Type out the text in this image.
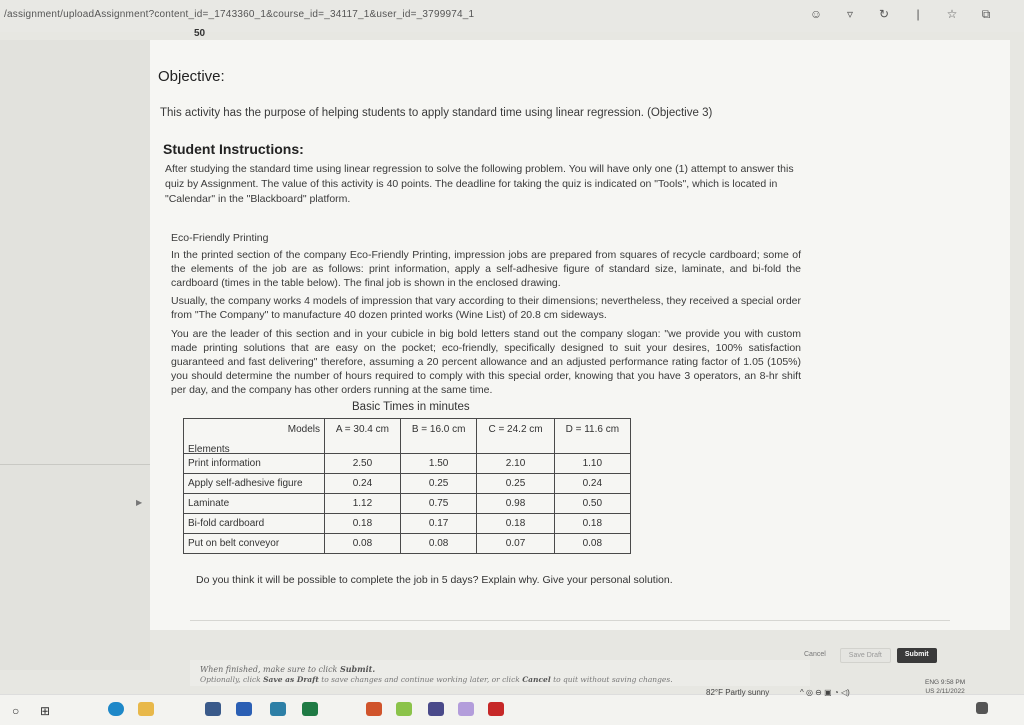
/assignment/uploadAssignment?content_id=_1743360_1&course_id=_34117_1&user_id=_3799974_1	☺	▿	↻	|	☆	⧉
50
▶
Objective:
This activity has the purpose of helping students to apply standard time using linear regression. (Objective 3)
Student Instructions:
After studying the standard time using linear regression to solve the following problem. You will have only one (1) attempt to answer this quiz by Assignment. The value of this activity is 40 points. The deadline for taking the quiz is indicated on "Tools", which is located in "Calendar" in the "Blackboard" platform.
Eco-Friendly Printing
In the printed section of the company Eco-Friendly Printing, impression jobs are prepared from squares of recycle cardboard; some of the elements of the job are as follows: print information, apply a self-adhesive figure of standard size, laminate, and bi-fold the cardboard (times in the table below). The final job is shown in the enclosed drawing.
Usually, the company works 4 models of impression that vary according to their dimensions; nevertheless, they received a special order from "The Company" to manufacture 40 dozen printed works (Wine List) of 20.8 cm sideways.
You are the leader of this section and in your cubicle in big bold letters stand out the company slogan: "we provide you with custom made printing solutions that are easy on the pocket; eco-friendly, specifically designed to suit your desires, 100% satisfaction guaranteed and fast delivering" therefore, assuming a 20 percent allowance and an adjusted performance rating factor of 1.05 (105%) you should determine the number of hours required to comply with this special order, knowing that you have 3 operators, an 8-hr shift per day, and the company has other orders running at the same time.
Basic Times in minutes
Models
Elements	A = 30.4 cm	B = 16.0 cm	C = 24.2 cm	D = 11.6 cm
Print information	2.50	1.50	2.10	1.10
Apply self-adhesive figure	0.24	0.25	0.25	0.24
Laminate	1.12	0.75	0.98	0.50
Bi-fold cardboard	0.18	0.17	0.18	0.18
Put on belt conveyor	0.08	0.08	0.07	0.08
Do you think it will be possible to complete the job in 5 days? Explain why. Give your personal solution.
Cancel	Save Draft	Submit
When finished, make sure to click Submit.
Optionally, click Save as Draft to save changes and continue working later, or click Cancel to quit without saving changes.
○ ⊞
82°F Partly sunny	^ ◎ ⊖ ▣ ◔ ◁)
ENG 9:58 PM
US 2/11/2022
